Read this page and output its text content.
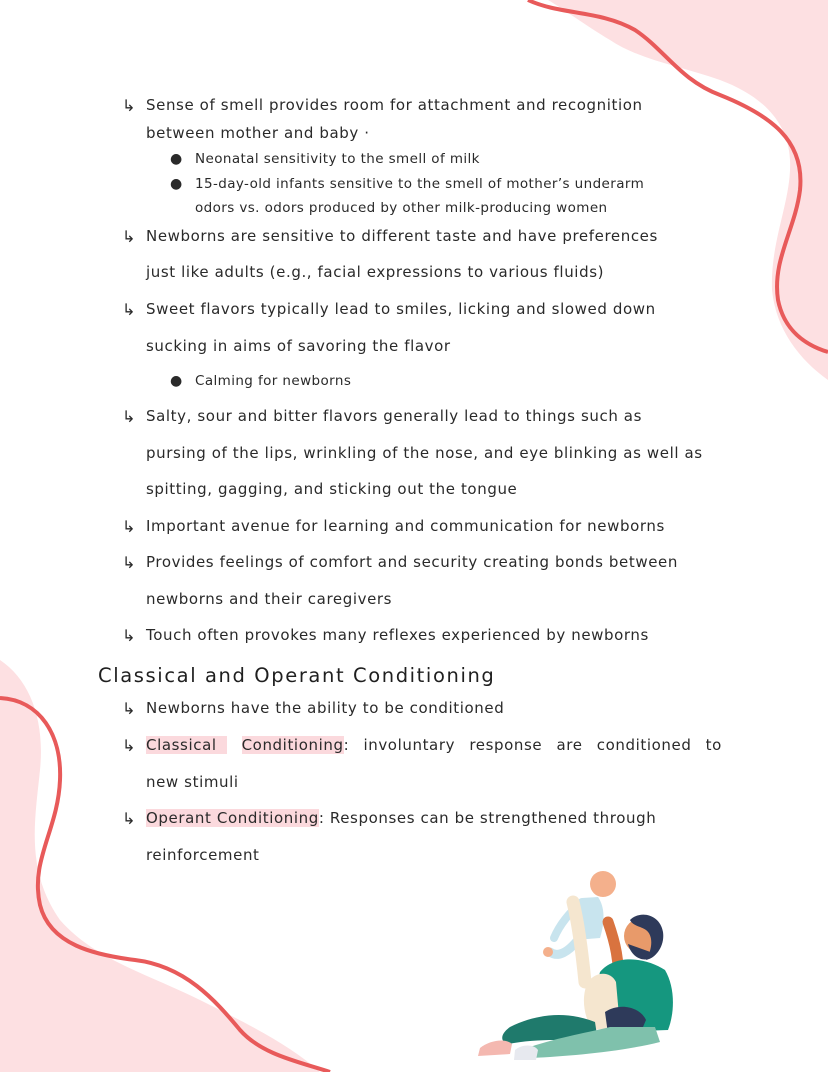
↳ Sense of smell provides room for attachment and recognition
between mother and baby ·
● Neonatal sensitivity to the smell of milk
● 15-day-old infants sensitive to the smell of mother’s underarm
odors vs. odors produced by other milk-producing women
↳ Newborns are sensitive to different taste and have preferences
just like adults (e.g., facial expressions to various fluids)
↳ Sweet flavors typically lead to smiles, licking and slowed down
sucking in aims of savoring the flavor
● Calming for newborns
↳ Salty, sour and bitter flavors generally lead to things such as
pursing of the lips, wrinkling of the nose, and eye blinking as well as
spitting, gagging, and sticking out the tongue
↳ Important avenue for learning and communication for newborns
↳ Provides feelings of comfort and security creating bonds between
newborns and their caregivers
↳ Touch often provokes many reflexes experienced by newborns
Classical and Operant Conditioning
↳ Newborns have the ability to be conditioned
↳ Classical Conditioning: involuntary response are conditioned to
new stimuli
↳ Operant Conditioning: Responses can be strengthened through
reinforcement
